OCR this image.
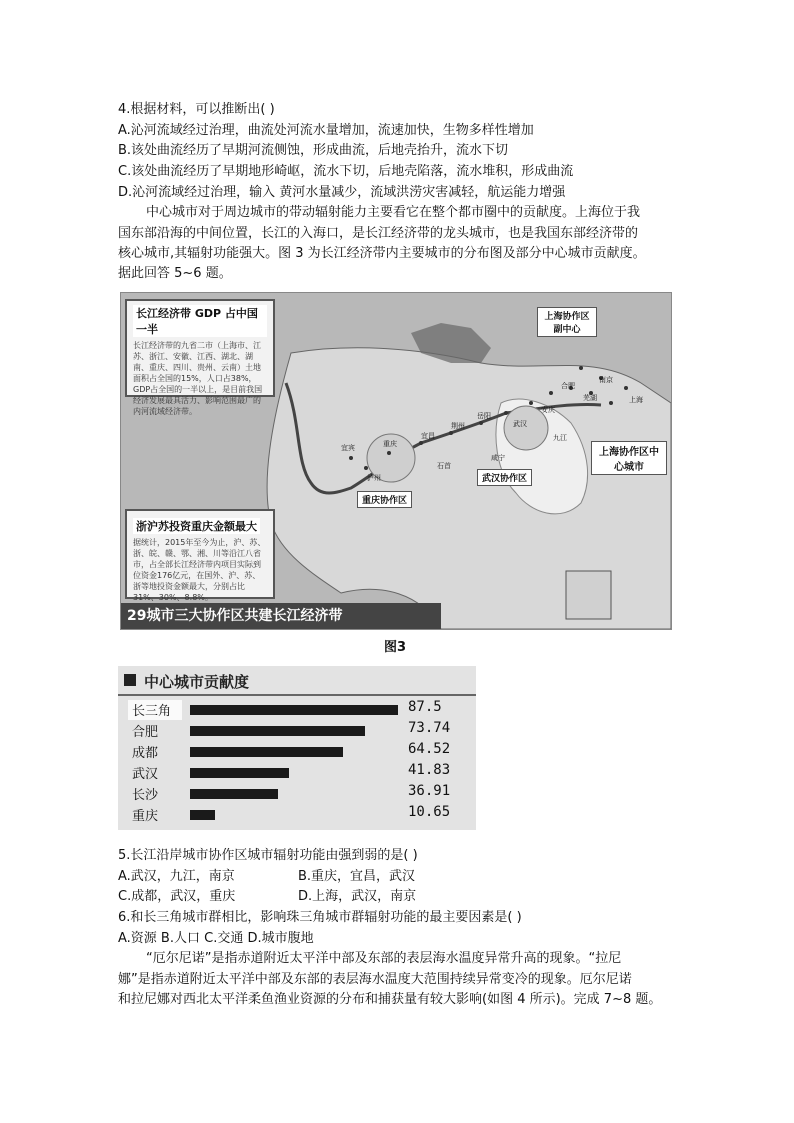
4.根据材料，可以推断出( )
A.沁河流域经过治理，曲流处河流水量增加，流速加快，生物多样性增加
B.该处曲流经历了早期河流侧蚀，形成曲流，后地壳抬升，流水下切
C.该处曲流经历了早期地形崎岖，流水下切，后地壳陷落，流水堆积，形成曲流
D.沁河流域经过治理，输入 黄河水量减少，流域洪涝灾害减轻，航运能力增强
中心城市对于周边城市的带动辐射能力主要看它在整个都市圈中的贡献度。上海位于我
国东部沿海的中间位置，长江的入海口，是长江经济带的龙头城市，也是我国东部经济带的
核心城市,其辐射功能强大。图 3 为长江经济带内主要城市的分布图及部分中心城市贡献度。
据此回答 5~6 题。
长江经济带 GDP 占中国一半
长江经济带的九省二市（上海市、江苏、浙江、安徽、江西、湖北、湖南、重庆、四川、贵州、云南）土地面积占全国的15%，人口占38%，GDP占全国的一半以上，是目前我国经济发展最具活力、影响范围最广的内河流域经济带。
浙沪苏投资重庆金额最大
据统计，2015年至今为止，沪、苏、浙、皖、赣、鄂、湘、川等沿江八省市，占全部长江经济带内项目实际到位资金176亿元，在国外、沪、苏、浙等地投资金额最大，分别占比31%、30%、8.8%。
上海协作区副中心
上海协作区中心城市
重庆协作区
武汉协作区
宜宾
泸州
重庆
宜昌
荆州
岳阳
武汉
九江
咸宁
合肥
南京
上海
芜湖
安庆
石首
29城市三大协作区共建长江经济带
图3
中心城市贡献度
长三角	87.5
合肥	73.74
成都	64.52
武汉	41.83
长沙	36.91
重庆	10.65
5.长江沿岸城市协作区城市辐射功能由强到弱的是( )
A.武汉，九江，南京	B.重庆，宜昌，武汉
C.成都，武汉，重庆	D.上海，武汉，南京
6.和长三角城市群相比，影响珠三角城市群辐射功能的最主要因素是( )
A.资源 B.人口 C.交通 D.城市腹地
“厄尔尼诺”是指赤道附近太平洋中部及东部的表层海水温度异常升高的现象。“拉尼
娜”是指赤道附近太平洋中部及东部的表层海水温度大范围持续异常变冷的现象。厄尔尼诺
和拉尼娜对西北太平洋柔鱼渔业资源的分布和捕获量有较大影响(如图 4 所示)。完成 7~8 题。
